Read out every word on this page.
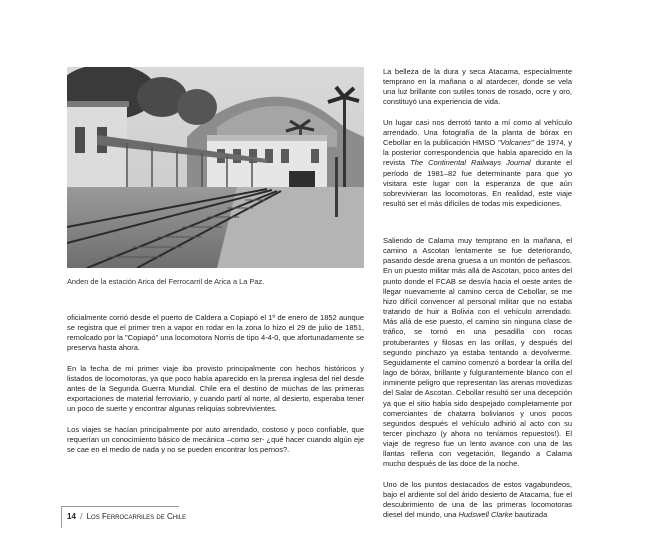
Anden de la estación Arica del Ferrocarril de Arica a La Paz.

oficialmente corrió desde el puerto de Caldera a Copiapó el 1º de enero de 1852 aunque se registra que el primer tren a vapor en rodar en la zona lo hizo el 29 de julio de 1851, remolcado por la "Copiapó" una locomotora Norris de tipo 4-4-0, que afortunadamente se preserva hasta ahora.

En la fecha de mi primer viaje iba provisto principalmente con hechos históricos y listados de locomotoras, ya que poco había aparecido en la prensa inglesa del riel desde antes de la Segunda Guerra Mundial. Chile era el destino de muchas de las primeras exportaciones de material ferroviario, y cuando partí al norte, al desierto, esperaba tener un poco de suerte y encontrar algunas reliquias sobrevivientes.

Los viajes se hacían principalmente por auto arrendado, costoso y poco confiable, que requerían un conocimiento básico de mecánica –como ser- ¿qué hacer cuando algún eje se cae en el medio de nada y no se pueden encontrar los pernos?.

La belleza de la dura y seca Atacama, especialmente temprano en la mañana o al atardecer, donde se vela una luz brillante con sutiles tonos de rosado, ocre y oro, constituyó una experiencia de vida.

Un lugar casi nos derrotó tanto a mí como al vehículo arrendado. Una fotografía de la planta de bórax en Cebollar en la publicación HMSO "Volcanes" de 1974, y la posterior correspondencia que había aparecido en la revista The Continental Railways Journal durante el período de 1981–82 fue determinante para que yo visitara este lugar con la esperanza de que aún sobrevivieran las locomotoras. En realidad, este viaje resultó ser el más difíciles de todas mis expediciones.

Saliendo de Calama muy temprano en la mañana, el camino a Ascotan lentamente se fue deteriorando, pasando desde arena gruesa a un montón de peñascos. En un puesto militar más allá de Ascotan, poco antes del punto donde el FCAB se desvía hacia el oeste antes de llegar nuevamente al camino cerca de Cebollar, se me hizo difícil convencer al personal militar que no estaba tratando de huir a Bolivia con el vehículo arrendado. Más allá de ese puesto, el camino sin ninguna clase de tráfico, se tornó en una pesadilla con rocas protuberantes y filosas en las orillas, y después del segundo pinchazo ya estaba tentando a devolverme. Seguidamente el camino comenzó a bordear la orilla del lago de bórax, brillante y fulgurantemente blanco con el inminente peligro que representan las arenas movedizas del Salar de Ascotan. Cebollar resultó ser una decepción ya que el sitio había sido despejado completamente por comerciantes de chatarra bolivianos y unos pocos segundos después el vehículo adhirió al acto con su tercer pinchazo (y ahora no teníamos repuestos!). El viaje de regreso fue un lento avance con una de las llantas rellena con vegetación, llegando a Calama mucho después de las doce de la noche.

Uno de los puntos destacados de estos vagabundeos, bajo el ardiente sol del árido desierto de Atacama, fue el descubrimiento de una de las primeras locomotoras diesel del mundo, una Hudswell Clarke bautizada

14 / Los Ferrocarriles de Chile
